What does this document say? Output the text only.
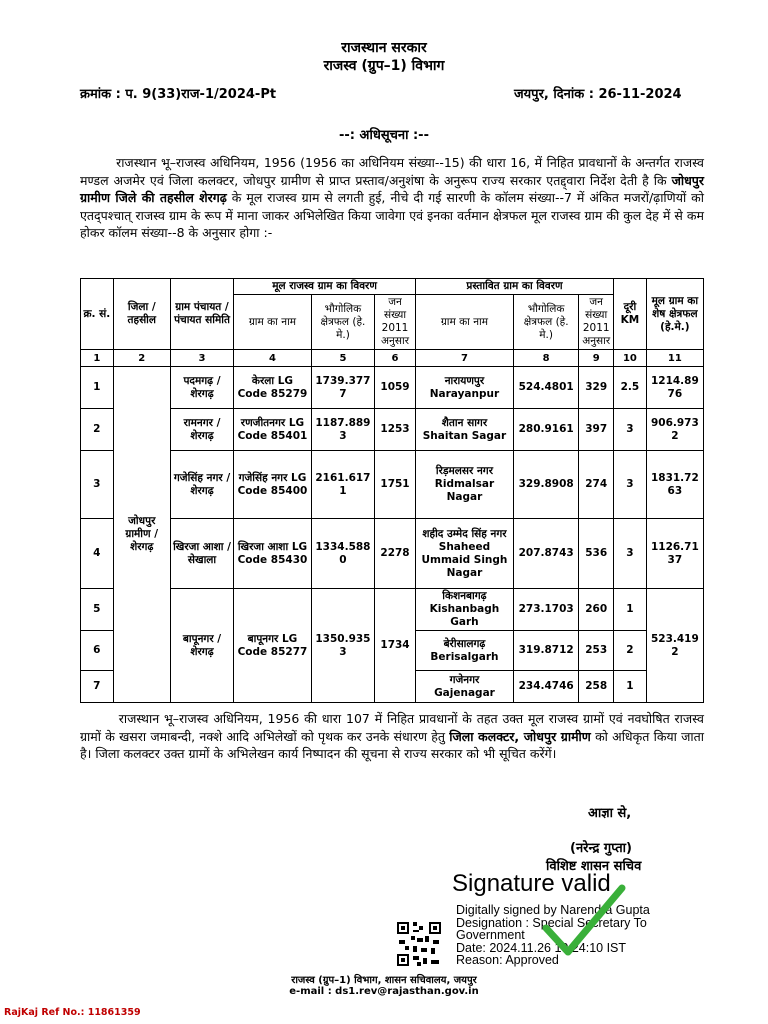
राजस्थान सरकार
राजस्व (ग्रुप–1) विभाग
क्रमांक : प. 9(33)राज-1/2024-Pt	जयपुर, दिनांक : 26-11-2024
--: अधिसूचना :--
राजस्थान भू–राजस्व अधिनियम, 1956 (1956 का अधिनियम संख्या--15) की धारा 16, में निहित प्रावधानों के अन्तर्गत राजस्व मण्डल अजमेर एवं जिला कलक्टर, जोधपुर ग्रामीण से प्राप्त प्रस्ताव/अनुशंषा के अनुरूप राज्य सरकार एतद्द्वारा निर्देश देती है कि जोधपुर ग्रामीण जिले की तहसील शेरगढ़ के मूल राजस्व ग्राम से लगती हुई, नीचे दी गई सारणी के कॉलम संख्या--7 में अंकित मजरों/ढ़ाणियों को एतद्पश्चात् राजस्व ग्राम के रूप में माना जाकर अभिलेखित किया जावेगा एवं इनका वर्तमान क्षेत्रफल मूल राजस्व ग्राम की कुल देह में से कम होकर कॉलम संख्या--8 के अनुसार होगा :-
क्र. सं.	जिला / तहसील	ग्राम पंचायत / पंचायत समिति	मूल राजस्व ग्राम का विवरण			प्रस्तावित ग्राम का विवरण			दूरी KM	मूल ग्राम का शेष क्षेत्रफल (हे.मे.)
			ग्राम का नाम	भौगोलिक क्षेत्रफल (हे. मे.)	जन संख्या 2011 अनुसार	ग्राम का नाम	भौगोलिक क्षेत्रफल (हे. मे.)	जन संख्या 2011 अनुसार		
1	2	3	4	5	6	7	8	9	10	11
1	जोधपुर ग्रामीण / शेरगढ़	पदमगढ़ / शेरगढ़	केरला LG Code 85279	1739.3777	1059	नारायणपुर Narayanpur	524.4801	329	2.5	1214.8976
2		रामनगर / शेरगढ़	रणजीतनगर LG Code 85401	1187.8893	1253	शैतान सागर Shaitan Sagar	280.9161	397	3	906.9732
3		गजेसिंह नगर / शेरगढ़	गजेसिंह नगर LG Code 85400	2161.6171	1751	रिड़मलसर नगर Ridmalsar Nagar	329.8908	274	3	1831.7263
4		खिरजा आशा / सेखाला	खिरजा आशा LG Code 85430	1334.5880	2278	शहीद उम्मेद सिंह नगर Shaheed Ummaid Singh Nagar	207.8743	536	3	1126.7137
5		बापूनगर / शेरगढ़	बापूनगर LG Code 85277	1350.9353	1734	किशनबागढ़ Kishanbagh Garh	273.1703	260	1	523.4192
6						बेरीसालगढ़ Berisalgarh	319.8712	253	2	
7						गजेनगर Gajenagar	234.4746	258	1	
राजस्थान भू–राजस्व अधिनियम, 1956 की धारा 107 में निहित प्रावधानों के तहत उक्त मूल राजस्व ग्रामों एवं नवघोषित राजस्व ग्रामों के खसरा जमाबन्दी, नक्शे आदि अभिलेखों को पृथक कर उनके संधारण हेतु जिला कलक्टर, जोधपुर ग्रामीण को अधिकृत किया जाता है। जिला कलक्टर उक्त ग्रामों के अभिलेखन कार्य निष्पादन की सूचना से राज्य सरकार को भी सूचित करेंगें।
आज्ञा से,
(नरेन्द्र गुप्ता)
विशिष्ट शासन सचिव
Signature valid
Digitally signed by Narendra Gupta
Designation : Special Secretary To
Government
Date: 2024.11.26 10:24:10 IST
Reason: Approved
राजस्व (ग्रुप–1) विभाग, शासन सचिवालय, जयपुर
e-mail : ds1.rev@rajasthan.gov.in
RajKaj Ref No.: 11861359
